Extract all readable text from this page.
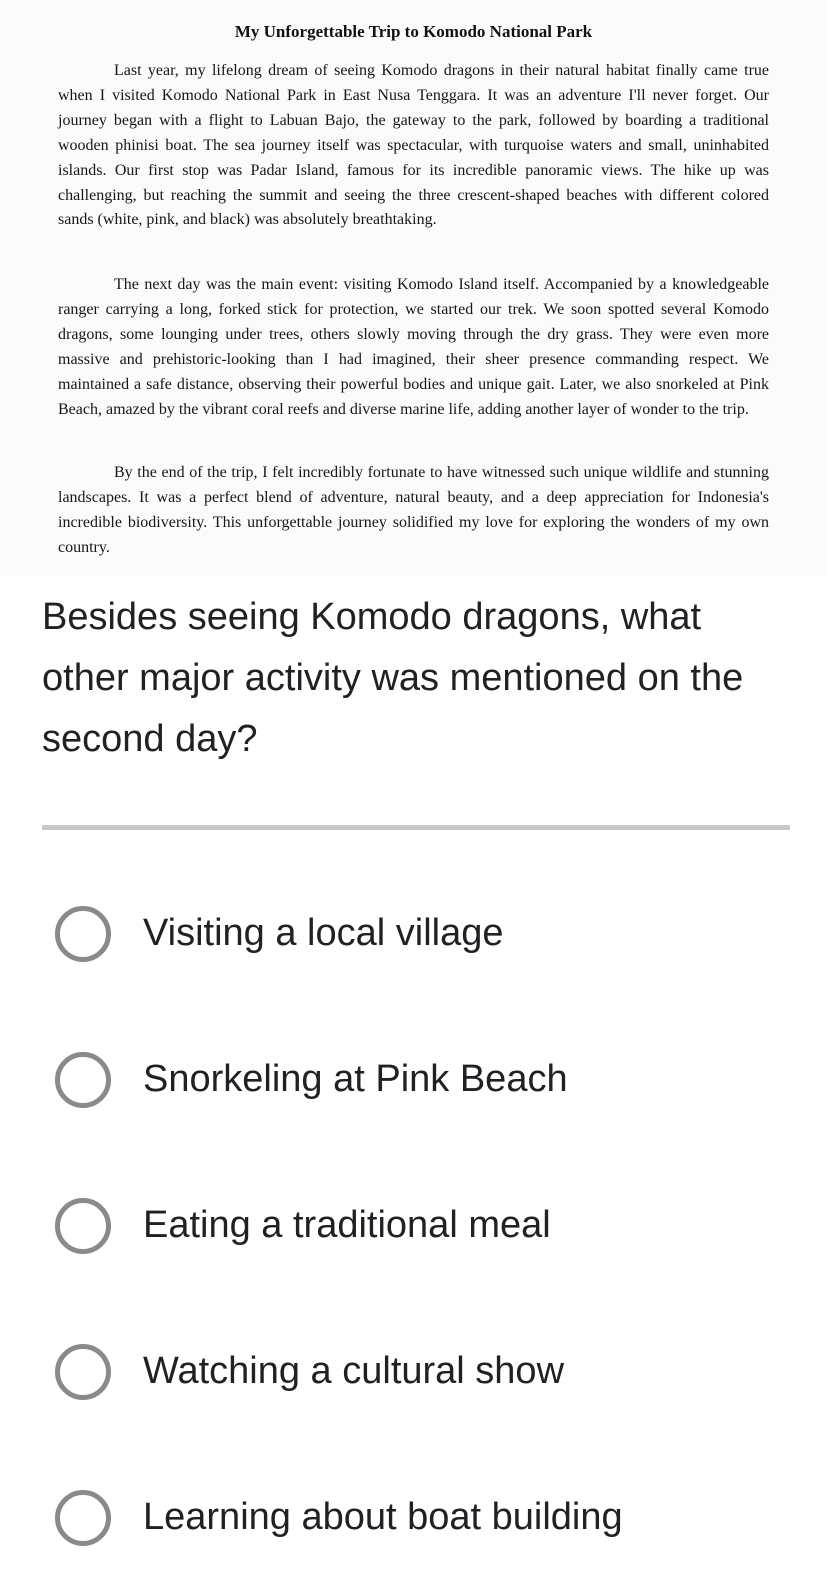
My Unforgettable Trip to Komodo National Park

Last year, my lifelong dream of seeing Komodo dragons in their natural habitat finally came true when I visited Komodo National Park in East Nusa Tenggara. It was an adventure I'll never forget. Our journey began with a flight to Labuan Bajo, the gateway to the park, followed by boarding a traditional wooden phinisi boat. The sea journey itself was spectacular, with turquoise waters and small, uninhabited islands. Our first stop was Padar Island, famous for its incredible panoramic views. The hike up was challenging, but reaching the summit and seeing the three crescent-shaped beaches with different colored sands (white, pink, and black) was absolutely breathtaking.

The next day was the main event: visiting Komodo Island itself. Accompanied by a knowledgeable ranger carrying a long, forked stick for protection, we started our trek. We soon spotted several Komodo dragons, some lounging under trees, others slowly moving through the dry grass. They were even more massive and prehistoric-looking than I had imagined, their sheer presence commanding respect. We maintained a safe distance, observing their powerful bodies and unique gait. Later, we also snorkeled at Pink Beach, amazed by the vibrant coral reefs and diverse marine life, adding another layer of wonder to the trip.

By the end of the trip, I felt incredibly fortunate to have witnessed such unique wildlife and stunning landscapes. It was a perfect blend of adventure, natural beauty, and a deep appreciation for Indonesia's incredible biodiversity. This unforgettable journey solidified my love for exploring the wonders of my own country.

Besides seeing Komodo dragons, what other major activity was mentioned on the second day?
Visiting a local village
Snorkeling at Pink Beach
Eating a traditional meal
Watching a cultural show
Learning about boat building
